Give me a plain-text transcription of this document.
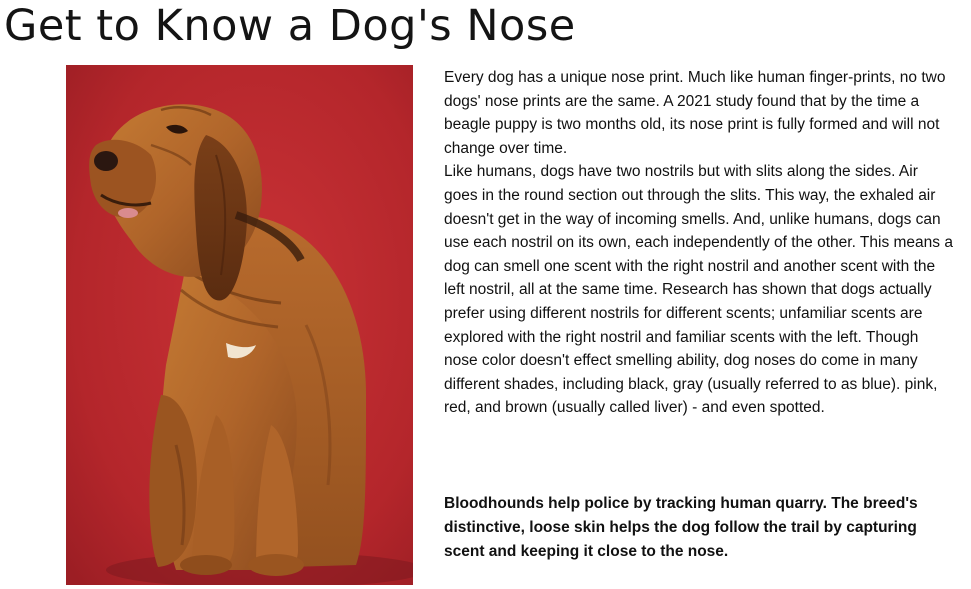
Get to Know a Dog's Nose

Every dog has a unique nose print. Much like human finger-prints, no two dogs' nose prints are the same. A 2021 study found that by the time a beagle puppy is two months old, its nose print is fully formed and will not change over time.

Like humans, dogs have two nostrils but with slits along the sides. Air goes in the round section out through the slits. This way, the exhaled air doesn't get in the way of incoming smells. And, unlike humans, dogs can use each nostril on its own, each independently of the other. This means a dog can smell one scent with the right nostril and another scent with the left nostril, all at the same time. Research has shown that dogs actually prefer using different nostrils for different scents; unfamiliar scents are explored with the right nostril and familiar scents with the left. Though nose color doesn't effect smelling ability, dog noses do come in many different shades, including black, gray (usually referred to as blue). pink, red, and brown (usually called liver) - and even spotted.

Bloodhounds help police by tracking human quarry. The breed's distinctive, loose skin helps the dog follow the trail by capturing scent and keeping it close to the nose.
